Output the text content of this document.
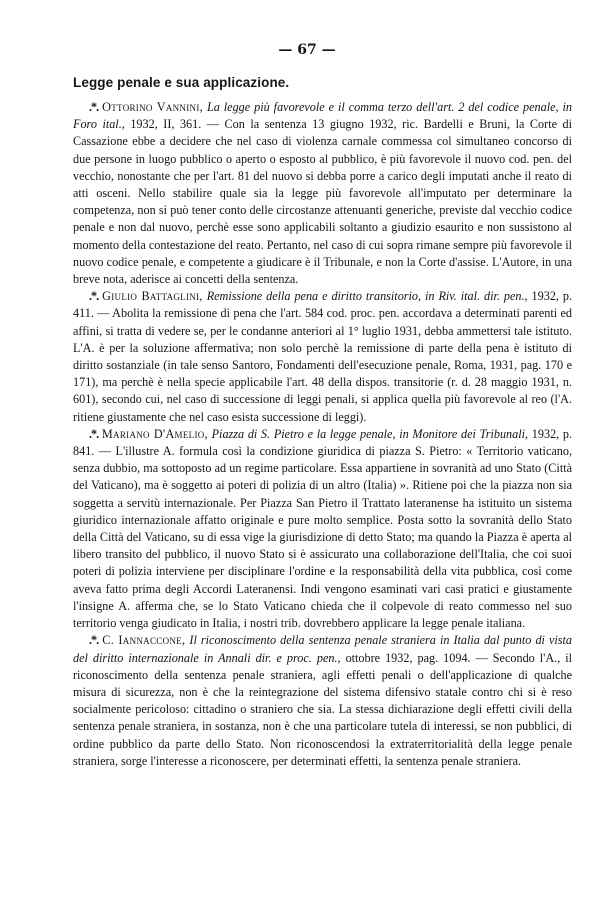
— 67 —
Legge penale e sua applicazione.

.*. Ottorino Vannini, La legge più favorevole e il comma terzo dell'art. 2 del codice penale, in Foro ital., 1932, II, 361. — Con la sentenza 13 giugno 1932, ric. Bardelli e Bruni, la Corte di Cassazione ebbe a decidere che nel caso di violenza carnale commessa col simultaneo concorso di due persone in luogo pubblico o aperto o esposto al pubblico, è più favorevole il nuovo cod. pen. del vecchio, nonostante che per l'art. 81 del nuovo si debba porre a carico degli imputati anche il reato di atti osceni. Nello stabilire quale sia la legge più favorevole all'imputato per determinare la competenza, non si può tener conto delle circostanze attenuanti generiche, previste dal vecchio codice penale e non dal nuovo, perchè esse sono applicabili soltanto a giudizio esaurito e non sussistono al momento della contestazione del reato. Pertanto, nel caso di cui sopra rimane sempre più favorevole il nuovo codice penale, e competente a giudicare è il Tribunale, e non la Corte d'assise. L'Autore, in una breve nota, aderisce ai concetti della sentenza.

.*. Giulio Battaglini, Remissione della pena e diritto transitorio, in Riv. ital. dir. pen., 1932, p. 411. — Abolita la remissione di pena che l'art. 584 cod. proc. pen. accordava a determinati parenti ed affini, si tratta di vedere se, per le condanne anteriori al 1° luglio 1931, debba ammettersi tale istituto. L'A. è per la soluzione affermativa; non solo perchè la remissione di parte della pena è istituto di diritto sostanziale (in tale senso Santoro, Fondamenti dell'esecuzione penale, Roma, 1931, pag. 170 e 171), ma perchè è nella specie applicabile l'art. 48 della dispos. transitorie (r. d. 28 maggio 1931, n. 601), secondo cui, nel caso di successione di leggi penali, si applica quella più favorevole al reo (l'A. ritiene giustamente che nel caso esista successione di leggi).

.*. Mariano D'Amelio, Piazza di S. Pietro e la legge penale, in Monitore dei Tribunali, 1932, p. 841. — L'illustre A. formula così la condizione giuridica di piazza S. Pietro: « Territorio vaticano, senza dubbio, ma sottoposto ad un regime particolare. Essa appartiene in sovranità ad uno Stato (Città del Vaticano), ma è soggetto ai poteri di polizia di un altro (Italia) ». Ritiene poi che la piazza non sia soggetta a servitù internazionale. Per Piazza San Pietro il Trattato lateranense ha istituito un sistema giuridico internazionale affatto originale e pure molto semplice. Posta sotto la sovranità dello Stato della Città del Vaticano, su di essa vige la giurisdizione di detto Stato; ma quando la Piazza è aperta al libero transito del pubblico, il nuovo Stato si è assicurato una collaborazione dell'Italia, che coi suoi poteri di polizia interviene per disciplinare l'ordine e la responsabilità della vita pubblica, così come aveva fatto prima degli Accordi Lateranensi. Indi vengono esaminati vari casi pratici e giustamente l'insigne A. afferma che, se lo Stato Vaticano chieda che il colpevole di reato commesso nel suo territorio venga giudicato in Italia, i nostri trib. dovrebbero applicare la legge penale italiana.

.*. C. Iannaccone, Il riconoscimento della sentenza penale straniera in Italia dal punto di vista del diritto internazionale in Annali dir. e proc. pen., ottobre 1932, pag. 1094. — Secondo l'A., il riconoscimento della sentenza penale straniera, agli effetti penali o dell'applicazione di qualche misura di sicurezza, non è che la reintegrazione del sistema difensivo statale contro chi si è reso socialmente pericoloso: cittadino o straniero che sia. La stessa dichiarazione degli effetti civili della sentenza penale straniera, in sostanza, non è che una particolare tutela di interessi, se non pubblici, di ordine pubblico da parte dello Stato. Non riconoscendosi la extraterritorialità della legge penale straniera, sorge l'interesse a riconoscere, per determinati effetti, la sentenza penale straniera.
